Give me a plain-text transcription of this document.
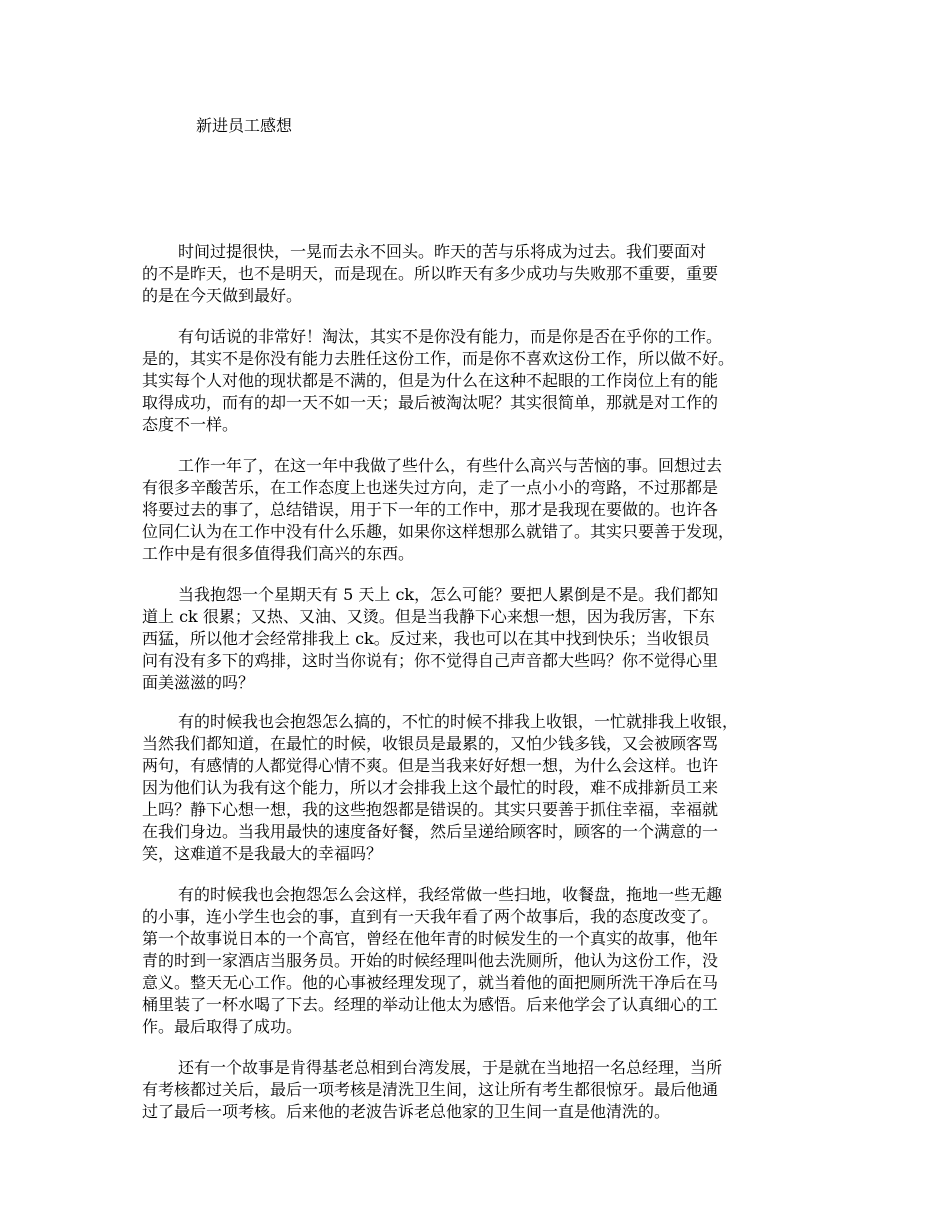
新进员工感想
时间过提很快，一晃而去永不回头。昨天的苦与乐将成为过去。我们要面对
的不是昨天，也不是明天，而是现在。所以昨天有多少成功与失败那不重要，重要
的是在今天做到最好。
有句话说的非常好！淘汰，其实不是你没有能力，而是你是否在乎你的工作。
是的，其实不是你没有能力去胜任这份工作，而是你不喜欢这份工作，所以做不好。
其实每个人对他的现状都是不满的，但是为什么在这种不起眼的工作岗位上有的能
取得成功，而有的却一天不如一天；最后被淘汰呢？其实很简单，那就是对工作的
态度不一样。
工作一年了，在这一年中我做了些什么，有些什么高兴与苦恼的事。回想过去
有很多辛酸苦乐，在工作态度上也迷失过方向，走了一点小小的弯路，不过那都是
将要过去的事了，总结错误，用于下一年的工作中，那才是我现在要做的。也许各
位同仁认为在工作中没有什么乐趣，如果你这样想那么就错了。其实只要善于发现，
工作中是有很多值得我们高兴的东西。
当我抱怨一个星期天有 5 天上 ck，怎么可能？要把人累倒是不是。我们都知
道上 ck 很累；又热、又油、又烫。但是当我静下心来想一想，因为我厉害，下东
西猛，所以他才会经常排我上 ck。反过来，我也可以在其中找到快乐；当收银员
问有没有多下的鸡排，这时当你说有；你不觉得自己声音都大些吗？你不觉得心里
面美滋滋的吗？
有的时候我也会抱怨怎么搞的，不忙的时候不排我上收银，一忙就排我上收银，
当然我们都知道，在最忙的时候，收银员是最累的，又怕少钱多钱，又会被顾客骂
两句，有感情的人都觉得心情不爽。但是当我来好好想一想，为什么会这样。也许
因为他们认为我有这个能力，所以才会排我上这个最忙的时段，难不成排新员工来
上吗？静下心想一想，我的这些抱怨都是错误的。其实只要善于抓住幸福，幸福就
在我们身边。当我用最快的速度备好餐，然后呈递给顾客时，顾客的一个满意的一
笑，这难道不是我最大的幸福吗？
有的时候我也会抱怨怎么会这样，我经常做一些扫地，收餐盘，拖地一些无趣
的小事，连小学生也会的事，直到有一天我年看了两个故事后，我的态度改变了。
第一个故事说日本的一个高官，曾经在他年青的时候发生的一个真实的故事，他年
青的时到一家酒店当服务员。开始的时候经理叫他去洗厕所，他认为这份工作，没
意义。整天无心工作。他的心事被经理发现了，就当着他的面把厕所洗干净后在马
桶里装了一杯水喝了下去。经理的举动让他太为感悟。后来他学会了认真细心的工
作。最后取得了成功。
还有一个故事是肯得基老总相到台湾发展，于是就在当地招一名总经理，当所
有考核都过关后，最后一项考核是清洗卫生间，这让所有考生都很惊牙。最后他通
过了最后一项考核。后来他的老波告诉老总他家的卫生间一直是他清洗的。
